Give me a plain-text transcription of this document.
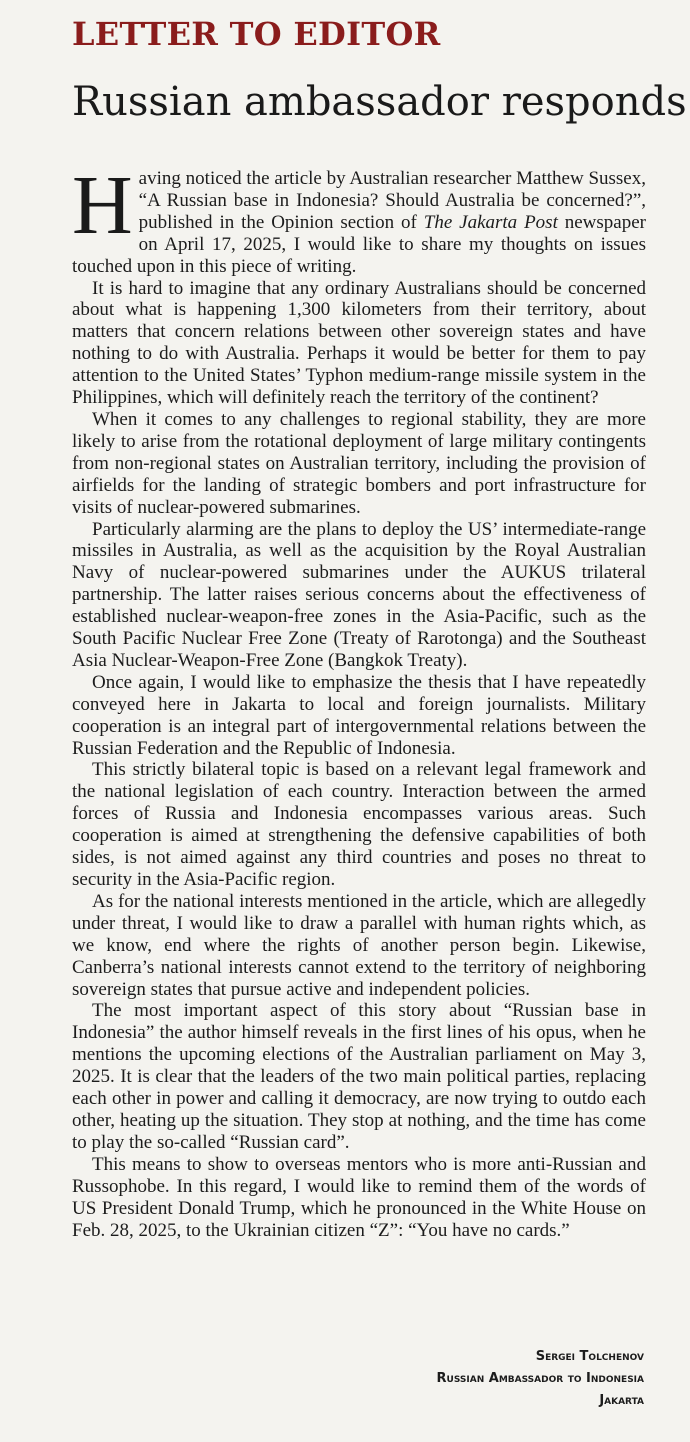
LETTER TO EDITOR
Russian ambassador responds

Having noticed the article by Australian researcher Matthew Sussex, “A Russian base in Indonesia? Should Australia be concerned?”, published in the Opinion section of The Jakarta Post newspaper on April 17, 2025, I would like to share my thoughts on issues touched upon in this piece of writing.

It is hard to imagine that any ordinary Australians should be concerned about what is happening 1,300 kilometers from their territory, about matters that concern relations between other sovereign states and have nothing to do with Australia. Perhaps it would be better for them to pay attention to the United States’ Typhon medium-range missile system in the Philippines, which will definitely reach the territory of the continent?

When it comes to any challenges to regional stability, they are more likely to arise from the rotational deployment of large military contingents from non-regional states on Australian territory, including the provision of airfields for the landing of strategic bombers and port infrastructure for visits of nuclear-powered submarines.

Particularly alarming are the plans to deploy the US’ intermediate-range missiles in Australia, as well as the acquisition by the Royal Australian Navy of nuclear-powered submarines under the AUKUS trilateral partnership. The latter raises serious concerns about the effectiveness of established nuclear-weapon-free zones in the Asia-Pacific, such as the South Pacific Nuclear Free Zone (Treaty of Rarotonga) and the Southeast Asia Nuclear-Weapon-Free Zone (Bangkok Treaty).

Once again, I would like to emphasize the thesis that I have repeatedly conveyed here in Jakarta to local and foreign journalists. Military cooperation is an integral part of intergovernmental relations between the Russian Federation and the Republic of Indonesia.

This strictly bilateral topic is based on a relevant legal framework and the national legislation of each country. Interaction between the armed forces of Russia and Indonesia encompasses various areas. Such cooperation is aimed at strengthening the defensive capabilities of both sides, is not aimed against any third countries and poses no threat to security in the Asia-Pacific region.

As for the national interests mentioned in the article, which are allegedly under threat, I would like to draw a parallel with human rights which, as we know, end where the rights of another person begin. Likewise, Canberra’s national interests cannot extend to the territory of neighboring sovereign states that pursue active and independent policies.

The most important aspect of this story about “Russian base in Indonesia” the author himself reveals in the first lines of his opus, when he mentions the upcoming elections of the Australian parliament on May 3, 2025. It is clear that the leaders of the two main political parties, replacing each other in power and calling it democracy, are now trying to outdo each other, heating up the situation. They stop at nothing, and the time has come to play the so-called “Russian card”.

This means to show to overseas mentors who is more anti-Russian and Russophobe. In this regard, I would like to remind them of the words of US President Donald Trump, which he pronounced in the White House on Feb. 28, 2025, to the Ukrainian citizen “Z”: “You have no cards.”

Sergei Tolchenov
Russian Ambassador to Indonesia
Jakarta
